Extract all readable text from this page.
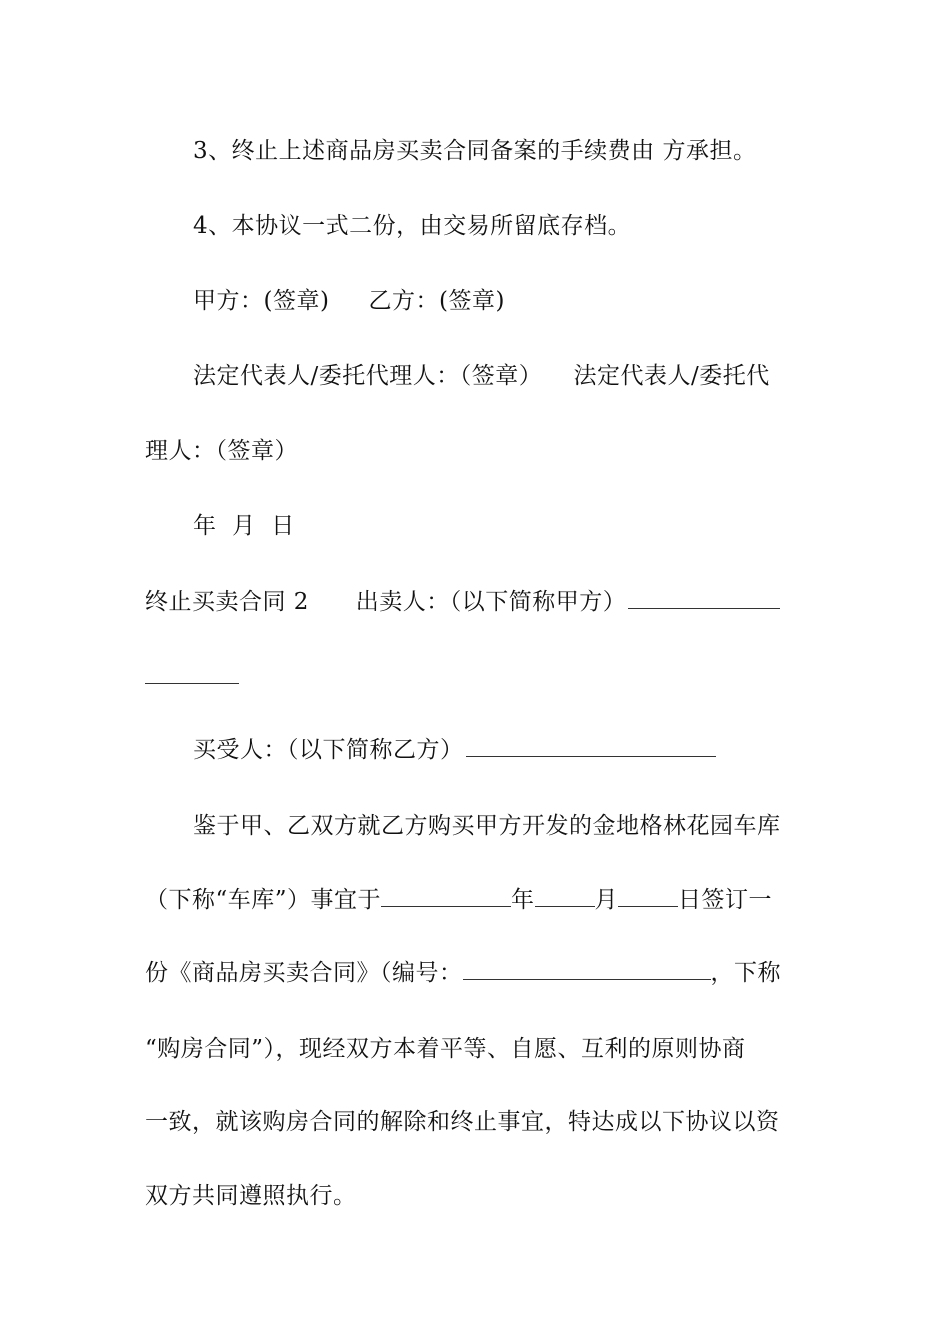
3、终止上述商品房买卖合同备案的手续费由 方承担。
4、本协议一式二份，由交易所留底存档。
甲方：(签章)     乙方：(签章)
法定代表人/委托代理人：（签章）    法定代表人/委托代
理人：（签章）
年  月  日
终止买卖合同 2      出卖人：（以下简称甲方）
买受人：（以下简称乙方）
鉴于甲、乙双方就乙方购买甲方开发的金地格林花园车库
（下称“车库”）事宜于	年	月	日签订一
份《商品房买卖合同》（编号：	，下称
“购房合同”），现经双方本着平等、自愿、互利的原则协商
一致，就该购房合同的解除和终止事宜，特达成以下协议以资
双方共同遵照执行。
